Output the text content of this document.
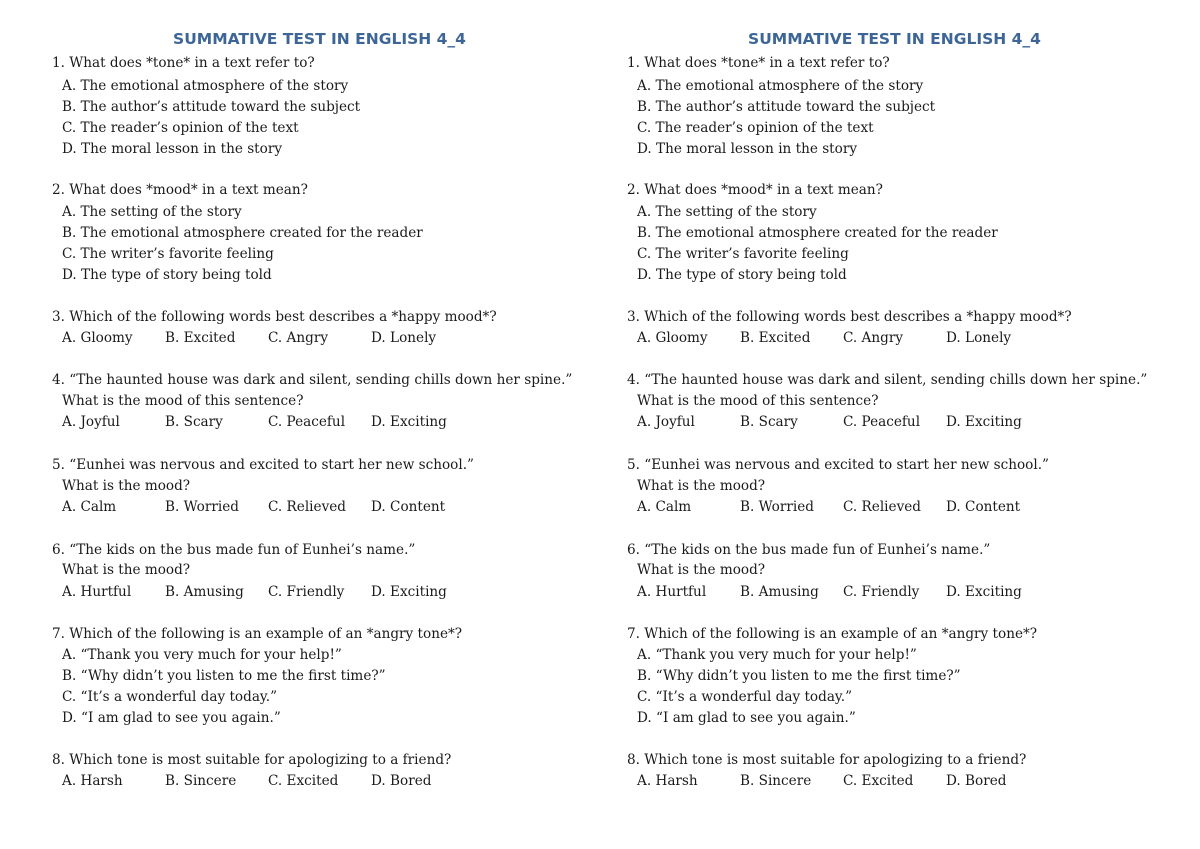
SUMMATIVE TEST IN ENGLISH 4_4
1. What does *tone* in a text refer to?
A. The emotional atmosphere of the story
B. The author’s attitude toward the subject
C. The reader’s opinion of the text
D. The moral lesson in the story
2. What does *mood* in a text mean?
A. The setting of the story
B. The emotional atmosphere created for the reader
C. The writer’s favorite feeling
D. The type of story being told
3. Which of the following words best describes a *happy mood*?
A. Gloomy B. Excited C. Angry	D. Lonely
4. “The haunted house was dark and silent, sending chills down her spine.”
What is the mood of this sentence?
A. Joyful	B. Scary	C. Peaceful D. Exciting
5. “Eunhei was nervous and excited to start her new school.”
What is the mood?
A. Calm	B. Worried C. Relieved D. Content
6. “The kids on the bus made fun of Eunhei’s name.”
What is the mood?
A. Hurtful B. Amusing C. Friendly D. Exciting
7. Which of the following is an example of an *angry tone*?
A. “Thank you very much for your help!”
B. “Why didn’t you listen to me the first time?”
C. “It’s a wonderful day today.”
D. “I am glad to see you again.”
8. Which tone is most suitable for apologizing to a friend?
A. Harsh	B. Sincere C. Excited D. Bored
SUMMATIVE TEST IN ENGLISH 4_4
1. What does *tone* in a text refer to?
A. The emotional atmosphere of the story
B. The author’s attitude toward the subject
C. The reader’s opinion of the text
D. The moral lesson in the story
2. What does *mood* in a text mean?
A. The setting of the story
B. The emotional atmosphere created for the reader
C. The writer’s favorite feeling
D. The type of story being told
3. Which of the following words best describes a *happy mood*?
A. Gloomy B. Excited C. Angry	D. Lonely
4. “The haunted house was dark and silent, sending chills down her spine.”
What is the mood of this sentence?
A. Joyful	B. Scary	C. Peaceful D. Exciting
5. “Eunhei was nervous and excited to start her new school.”
What is the mood?
A. Calm	B. Worried C. Relieved D. Content
6. “The kids on the bus made fun of Eunhei’s name.”
What is the mood?
A. Hurtful B. Amusing C. Friendly D. Exciting
7. Which of the following is an example of an *angry tone*?
A. “Thank you very much for your help!”
B. “Why didn’t you listen to me the first time?”
C. “It’s a wonderful day today.”
D. “I am glad to see you again.”
8. Which tone is most suitable for apologizing to a friend?
A. Harsh	B. Sincere C. Excited D. Bored
